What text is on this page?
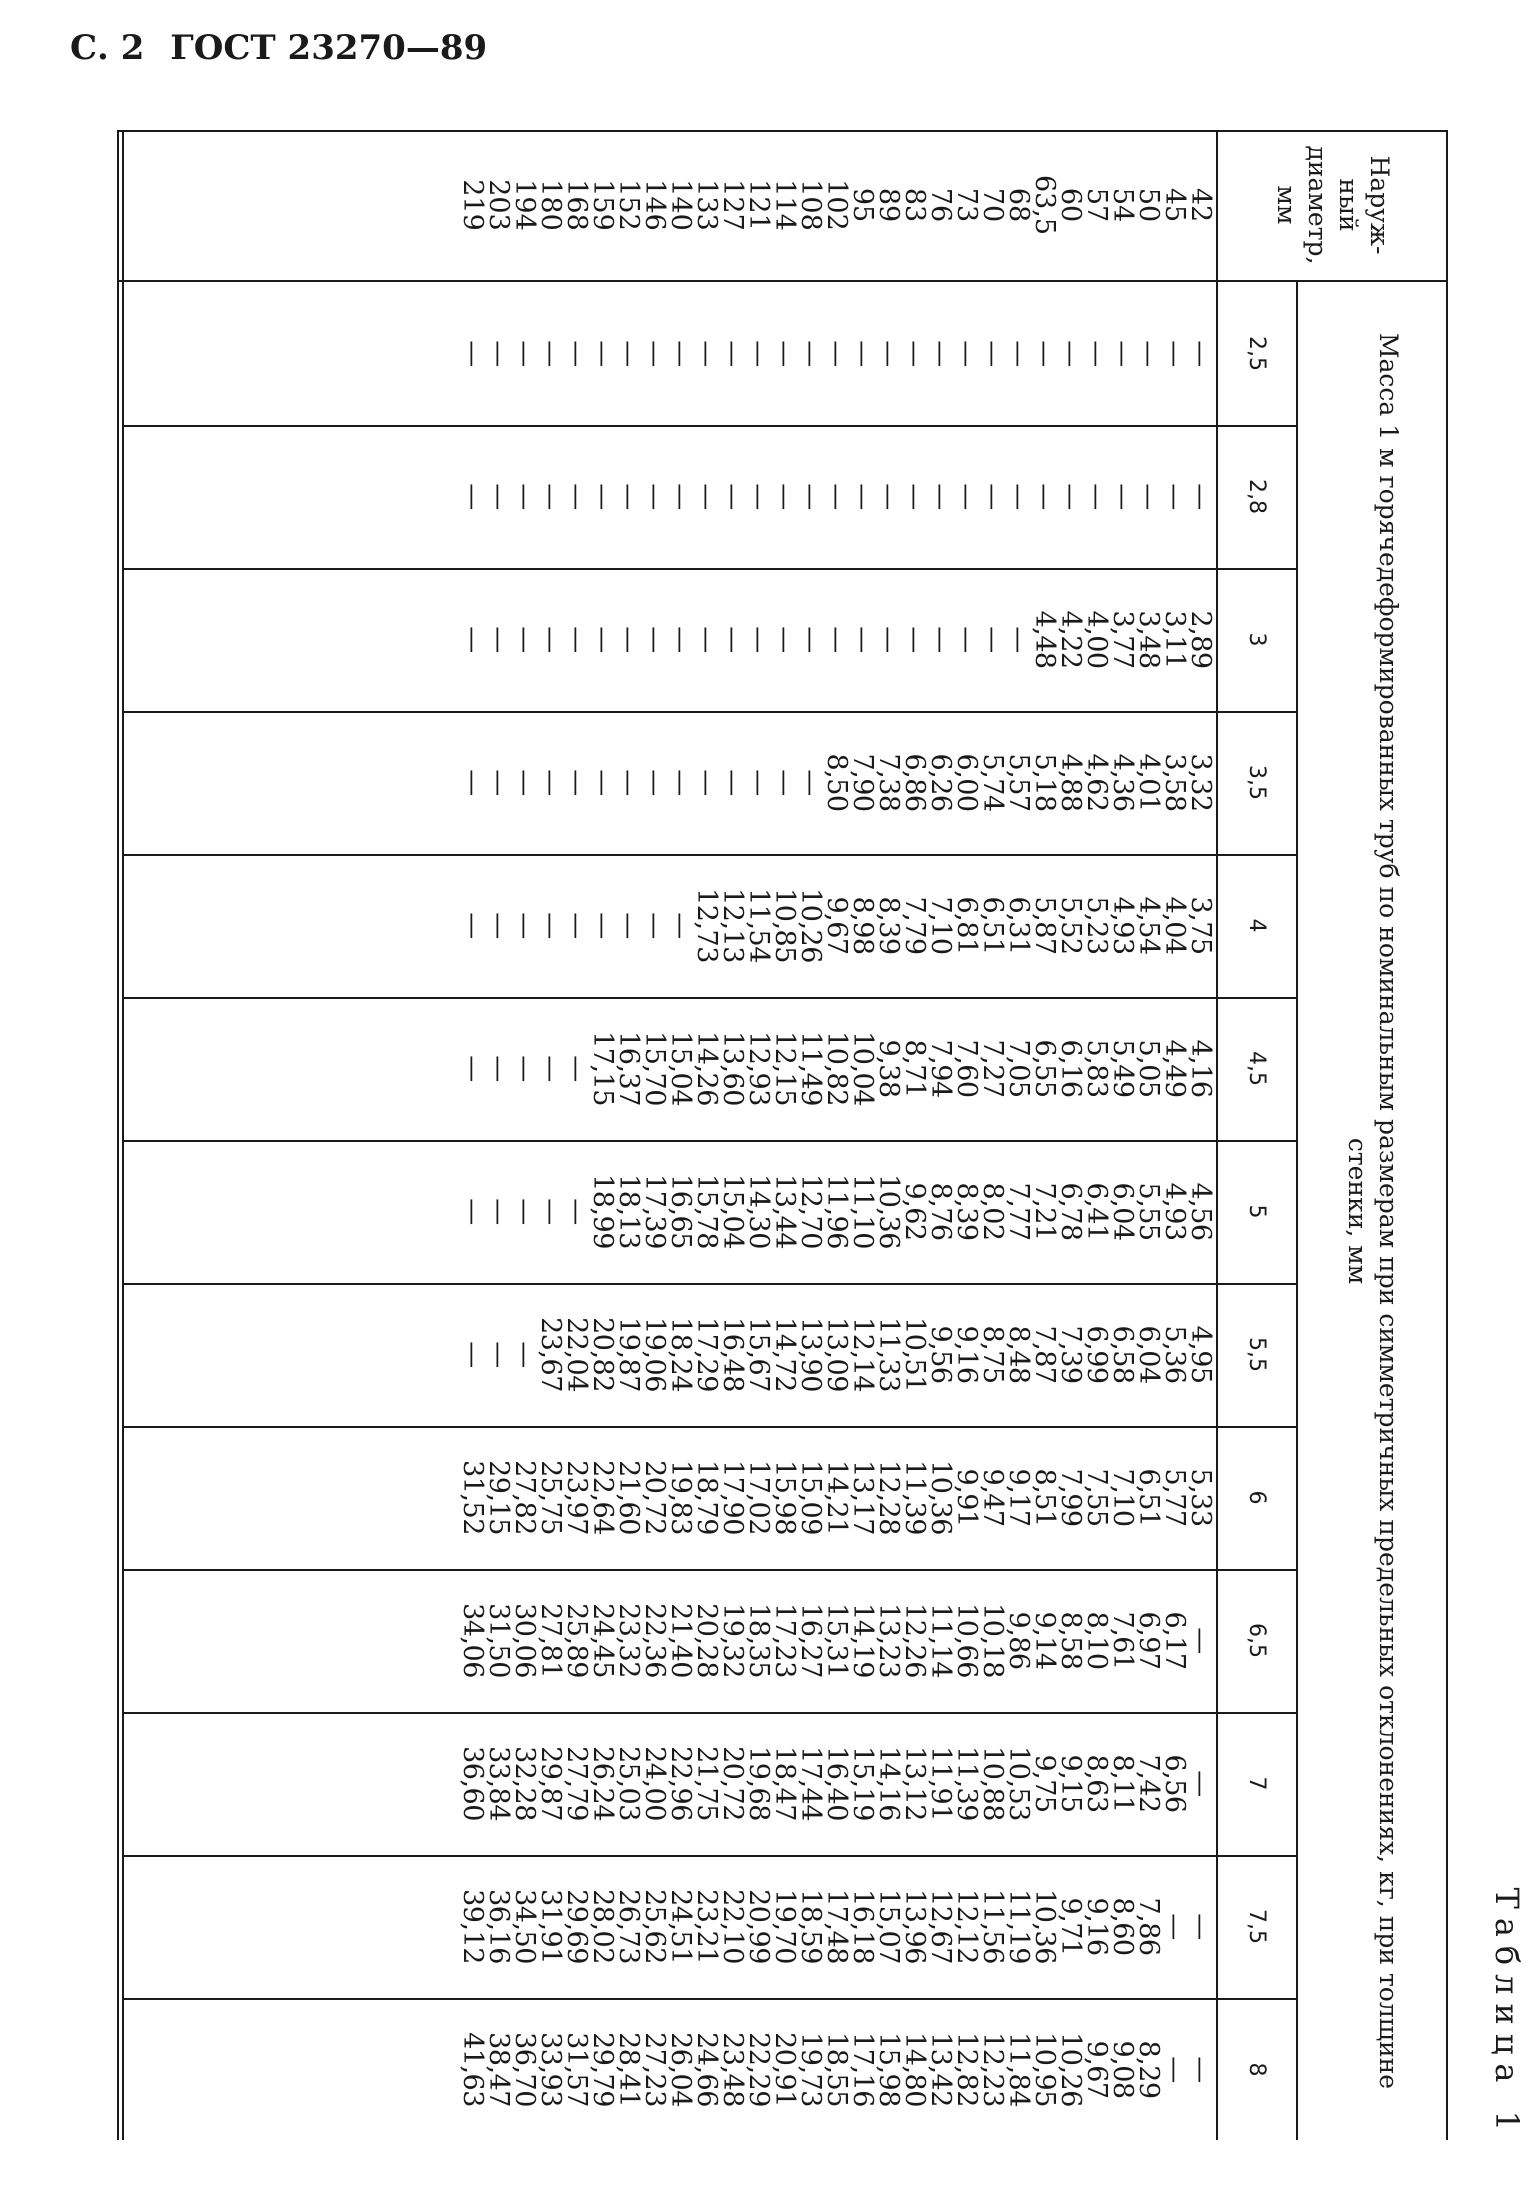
С. 2 ГОСТ 23270—89
Таблица 1
Наруж-ный диаметр, мм
Масса 1 м горячедеформированных труб по номинальным размерам при симметричных предельных отклонениях, кг, при толщине стенки, мм
42
45
50
54
57
60
63,5
68
70
73
76
83
89
95
102
108
114
121
127
133
140
146
152
159
168
180
194
203
219
2,5
—
—
—
—
—
—
—
—
—
—
—
—
—
—
—
—
—
—
—
—
—
—
—
—
—
—
—
—
—
2,8
—
—
—
—
—
—
—
—
—
—
—
—
—
—
—
—
—
—
—
—
—
—
—
—
—
—
—
—
—
3
2,89
3,11
3,48
3,77
4,00
4,22
4,48
—
—
—
—
—
—
—
—
—
—
—
—
—
—
—
—
—
—
—
—
—
—
3,5
3,32
3,58
4,01
4,36
4,62
4,88
5,18
5,57
5,74
6,00
6,26
6,86
7,38
7,90
8,50
—
—
—
—
—
—
—
—
—
—
—
—
—
—
4
3,75
4,04
4,54
4,93
5,23
5,52
5,87
6,31
6,51
6,81
7,10
7,79
8,39
8,98
9,67
10,26
10,85
11,54
12,13
12,73
—
—
—
—
—
—
—
—
—
4,5
4,16
4,49
5,05
5,49
5,83
6,16
6,55
7,05
7,27
7,60
7,94
8,71
9,38
10,04
10,82
11,49
12,15
12,93
13,60
14,26
15,04
15,70
16,37
17,15
—
—
—
—
—
5
4,56
4,93
5,55
6,04
6,41
6,78
7,21
7,77
8,02
8,39
8,76
9,62
10,36
11,10
11,96
12,70
13,44
14,30
15,04
15,78
16,65
17,39
18,13
18,99
—
—
—
—
—
5,5
4,95
5,36
6,04
6,58
6,99
7,39
7,87
8,48
8,75
9,16
9,56
10,51
11,33
12,14
13,09
13,90
14,72
15,67
16,48
17,29
18,24
19,06
19,87
20,82
22,04
23,67
—
—
—
6
5,33
5,77
6,51
7,10
7,55
7,99
8,51
9,17
9,47
9,91
10,36
11,39
12,28
13,17
14,21
15,09
15,98
17,02
17,90
18,79
19,83
20,72
21,60
22,64
23,97
25,75
27,82
29,15
31,52
6,5
—
6,17
6,97
7,61
8,10
8,58
9,14
9,86
10,18
10,66
11,14
12,26
13,23
14,19
15,31
16,27
17,23
18,35
19,32
20,28
21,40
22,36
23,32
24,45
25,89
27,81
30,06
31,50
34,06
7
—
6,56
7,42
8,11
8,63
9,15
9,75
10,53
10,88
11,39
11,91
13,12
14,16
15,19
16,40
17,44
18,47
19,68
20,72
21,75
22,96
24,00
25,03
26,24
27,79
29,87
32,28
33,84
36,60
7,5
—
—
7,86
8,60
9,16
9,71
10,36
11,19
11,56
12,12
12,67
13,96
15,07
16,18
17,48
18,59
19,70
20,99
22,10
23,21
24,51
25,62
26,73
28,02
29,69
31,91
34,50
36,16
39,12
8
—
—
8,29
9,08
9,67
10,26
10,95
11,84
12,23
12,82
13,42
14,80
15,98
17,16
18,55
19,73
20,91
22,29
23,48
24,66
26,04
27,23
28,41
29,79
31,57
33,93
36,70
38,47
41,63
